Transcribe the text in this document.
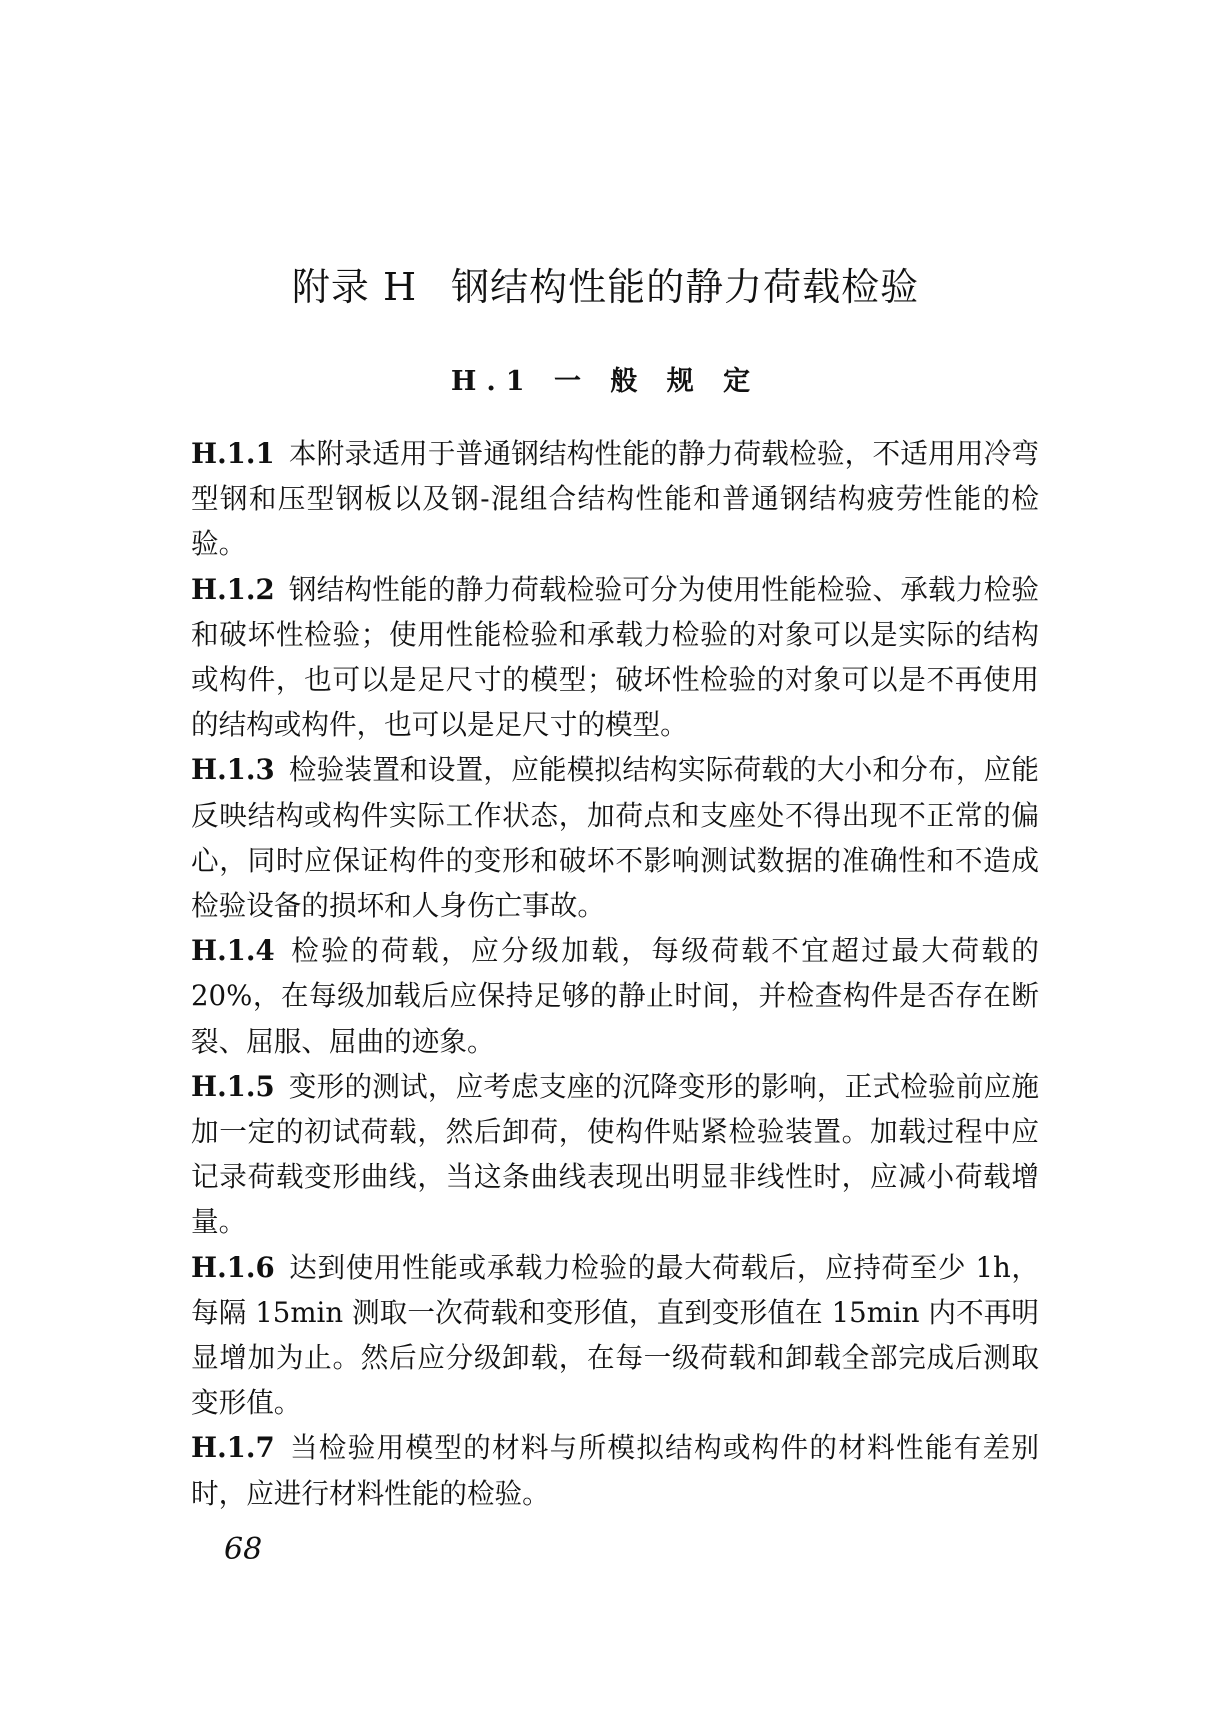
附录 H 钢结构性能的静力荷载检验
H.1 一 般 规 定

H.1.1 本附录适用于普通钢结构性能的静力荷载检验，不适用用冷弯型钢和压型钢板以及钢-混组合结构性能和普通钢结构疲劳性能的检验。

H.1.2 钢结构性能的静力荷载检验可分为使用性能检验、承载力检验和破坏性检验；使用性能检验和承载力检验的对象可以是实际的结构或构件，也可以是足尺寸的模型；破坏性检验的对象可以是不再使用的结构或构件，也可以是足尺寸的模型。

H.1.3 检验装置和设置，应能模拟结构实际荷载的大小和分布，应能反映结构或构件实际工作状态，加荷点和支座处不得出现不正常的偏心，同时应保证构件的变形和破坏不影响测试数据的准确性和不造成检验设备的损坏和人身伤亡事故。

H.1.4 检验的荷载，应分级加载，每级荷载不宜超过最大荷载的 20%，在每级加载后应保持足够的静止时间，并检查构件是否存在断裂、屈服、屈曲的迹象。

H.1.5 变形的测试，应考虑支座的沉降变形的影响，正式检验前应施加一定的初试荷载，然后卸荷，使构件贴紧检验装置。加载过程中应记录荷载变形曲线，当这条曲线表现出明显非线性时，应减小荷载增量。

H.1.6 达到使用性能或承载力检验的最大荷载后，应持荷至少 1h，每隔 15min 测取一次荷载和变形值，直到变形值在 15min 内不再明显增加为止。然后应分级卸载，在每一级荷载和卸载全部完成后测取变形值。

H.1.7 当检验用模型的材料与所模拟结构或构件的材料性能有差别时，应进行材料性能的检验。

68
